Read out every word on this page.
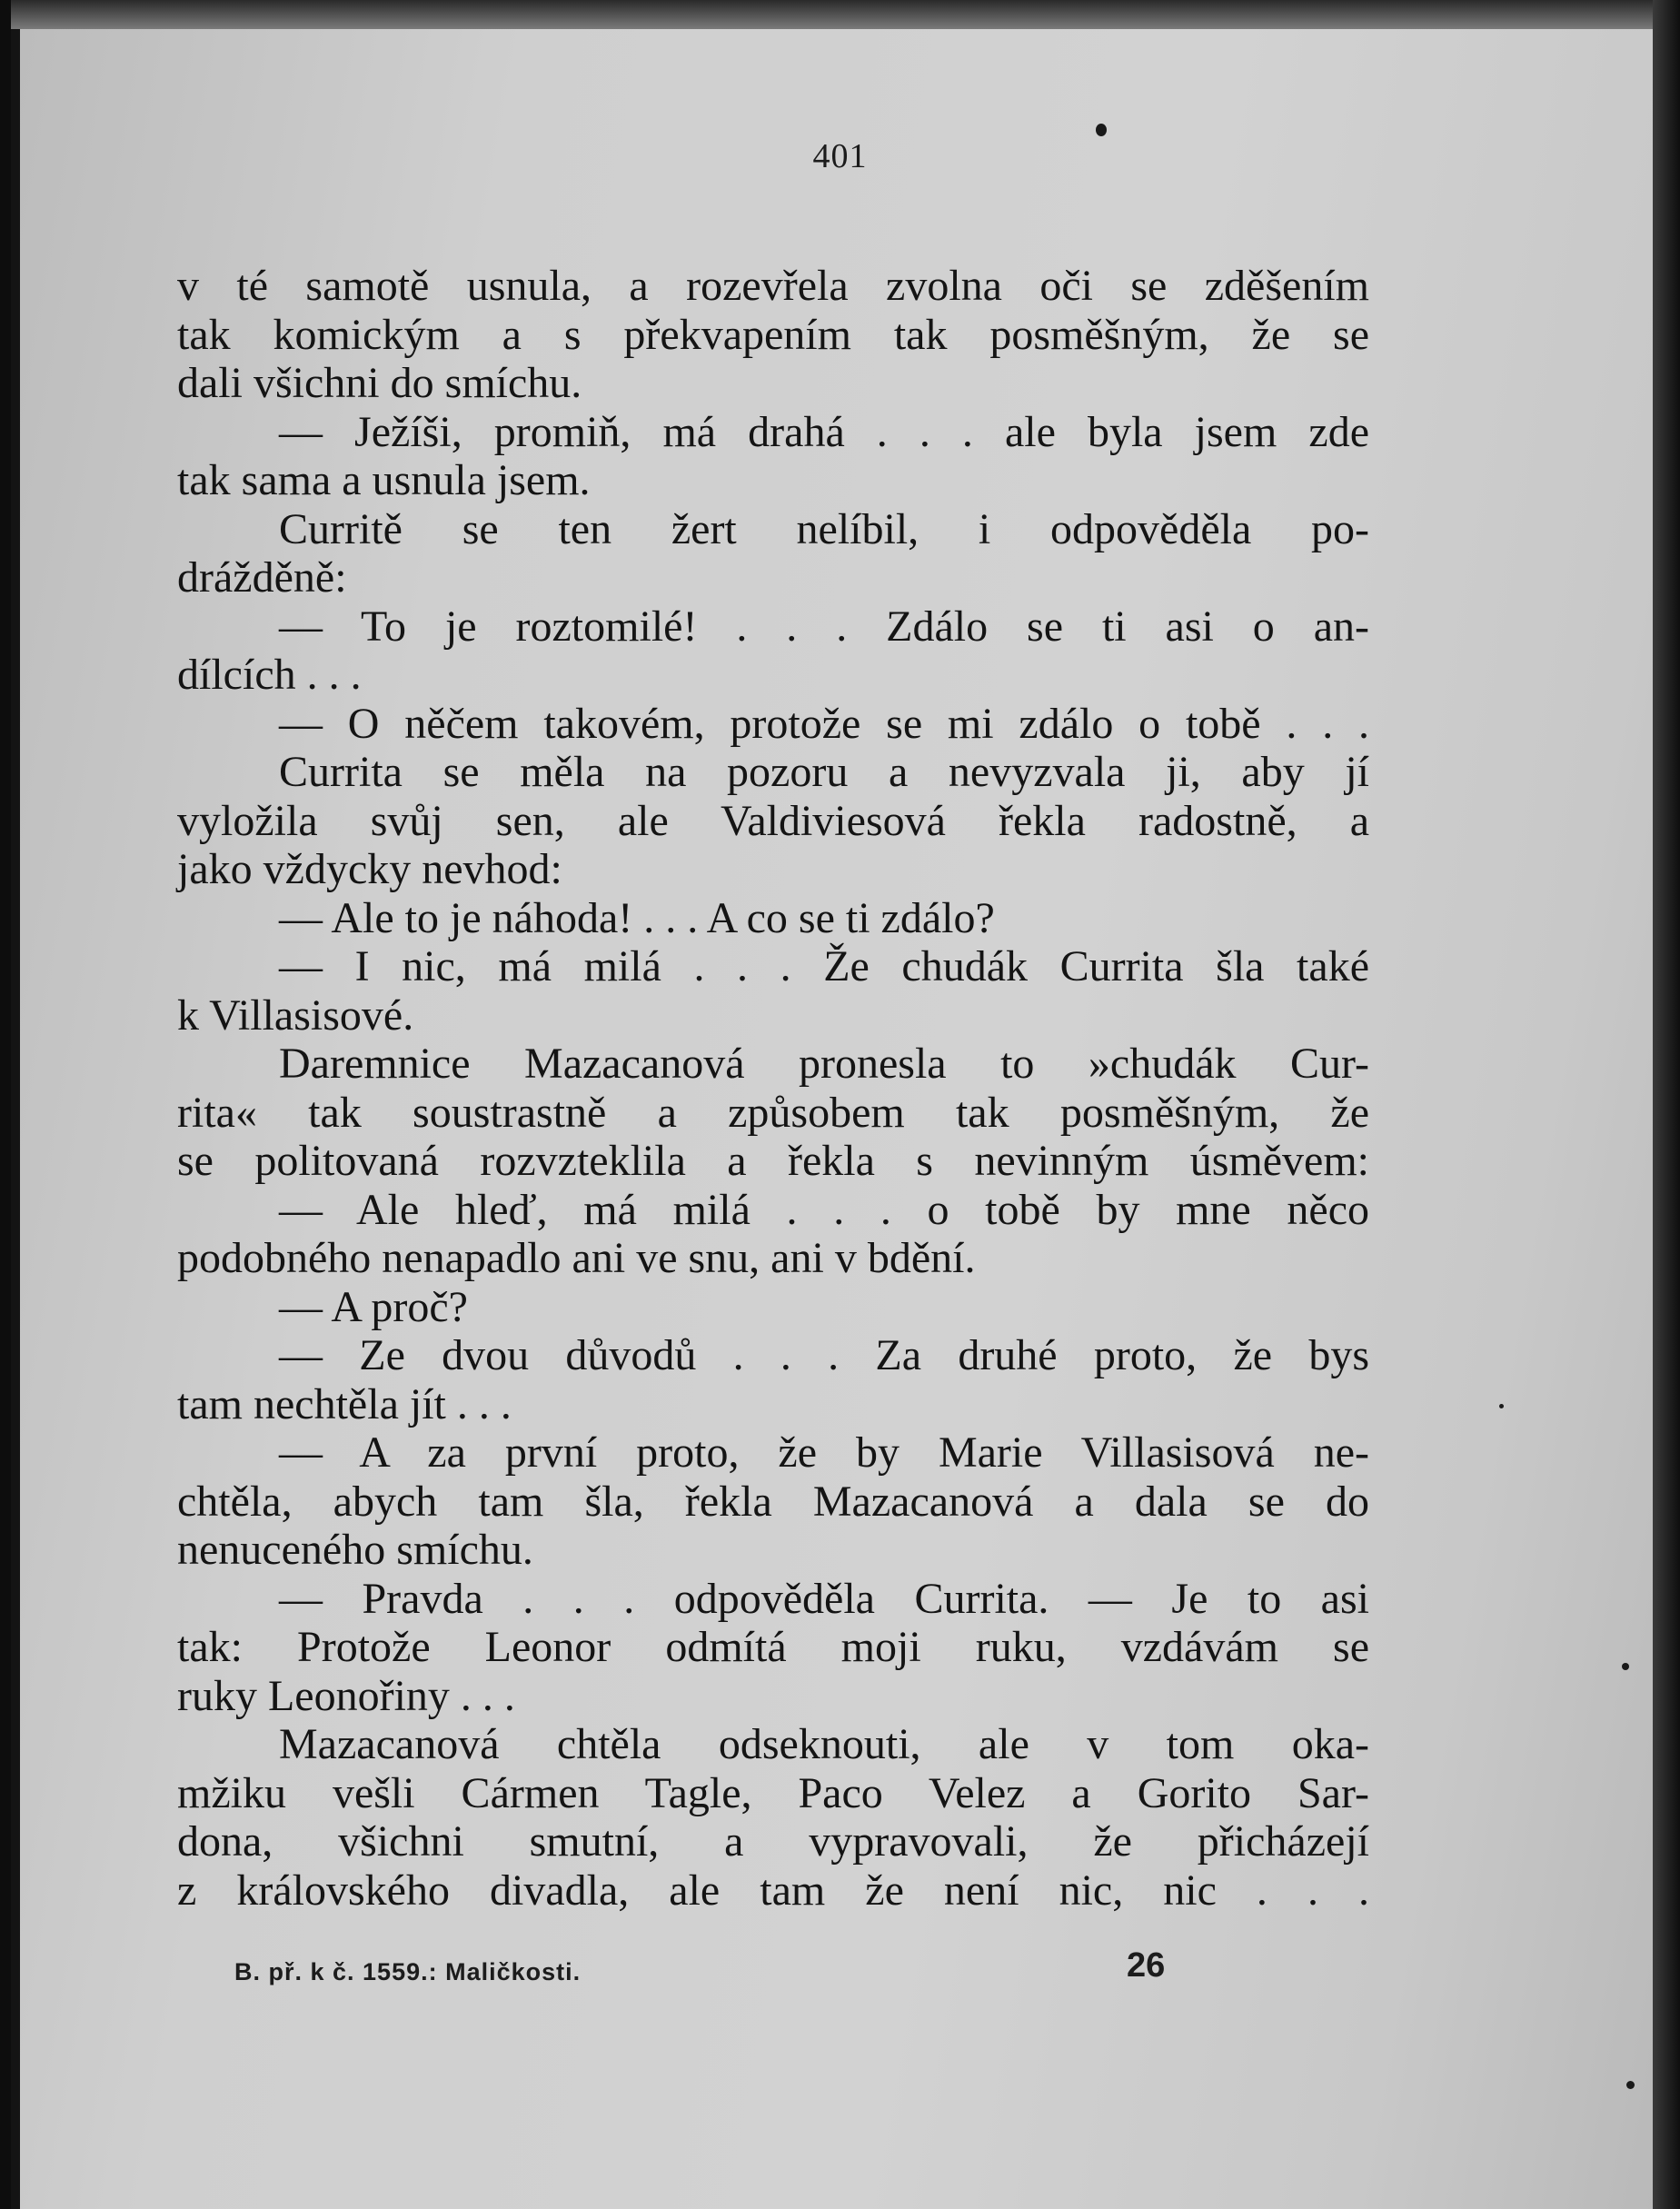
401
v té samotě usnula, a rozevřela zvolna oči se zděšením
tak komickým a s překvapením tak posměšným, že se
dali všichni do smíchu.
— Ježíši, promiň, má drahá . . . ale byla jsem zde
tak sama a usnula jsem.
Curritě se ten žert nelíbil, i odpověděla po-
drážděně:
— To je roztomilé! . . . Zdálo se ti asi o an-
dílcích . . .
— O něčem takovém, protože se mi zdálo o tobě . . .
Currita se měla na pozoru a nevyzvala ji, aby jí
vyložila svůj sen, ale Valdiviesová řekla radostně, a
jako vždycky nevhod:
— Ale to je náhoda! . . . A co se ti zdálo?
— I nic, má milá . . . Že chudák Currita šla také
k Villasisové.
Daremnice Mazacanová pronesla to »chudák Cur-
rita« tak soustrastně a způsobem tak posměšným, že
se politovaná rozvzteklila a řekla s nevinným úsměvem:
— Ale hleď, má milá . . . o tobě by mne něco
podobného nenapadlo ani ve snu, ani v bdění.
— A proč?
— Ze dvou důvodů . . . Za druhé proto, že bys
tam nechtěla jít . . .
— A za první proto, že by Marie Villasisová ne-
chtěla, abych tam šla, řekla Mazacanová a dala se do
nenuceného smíchu.
— Pravda . . . odpověděla Currita. — Je to asi
tak: Protože Leonor odmítá moji ruku, vzdávám se
ruky Leonořiny . . .
Mazacanová chtěla odseknouti, ale v tom oka-
mžiku vešli Cármen Tagle, Paco Velez a Gorito Sar-
dona, všichni smutní, a vypravovali, že přicházejí
z královského divadla, ale tam že není nic, nic . . .
B. př. k č. 1559.: Maličkosti.	26
